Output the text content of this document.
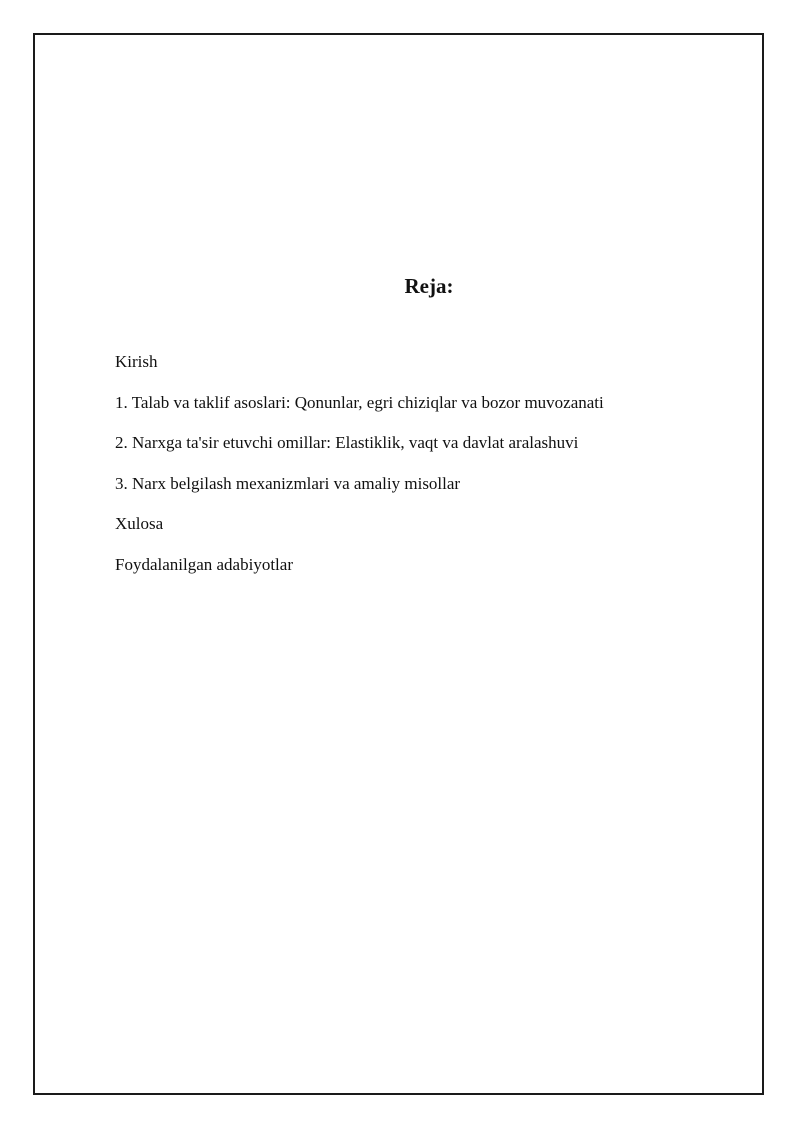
Reja:
Kirish
1. Talab va taklif asoslari: Qonunlar, egri chiziqlar va bozor muvozanati
2. Narxga ta'sir etuvchi omillar: Elastiklik, vaqt va davlat aralashuvi
3. Narx belgilash mexanizmlari va amaliy misollar
Xulosa
Foydalanilgan adabiyotlar
